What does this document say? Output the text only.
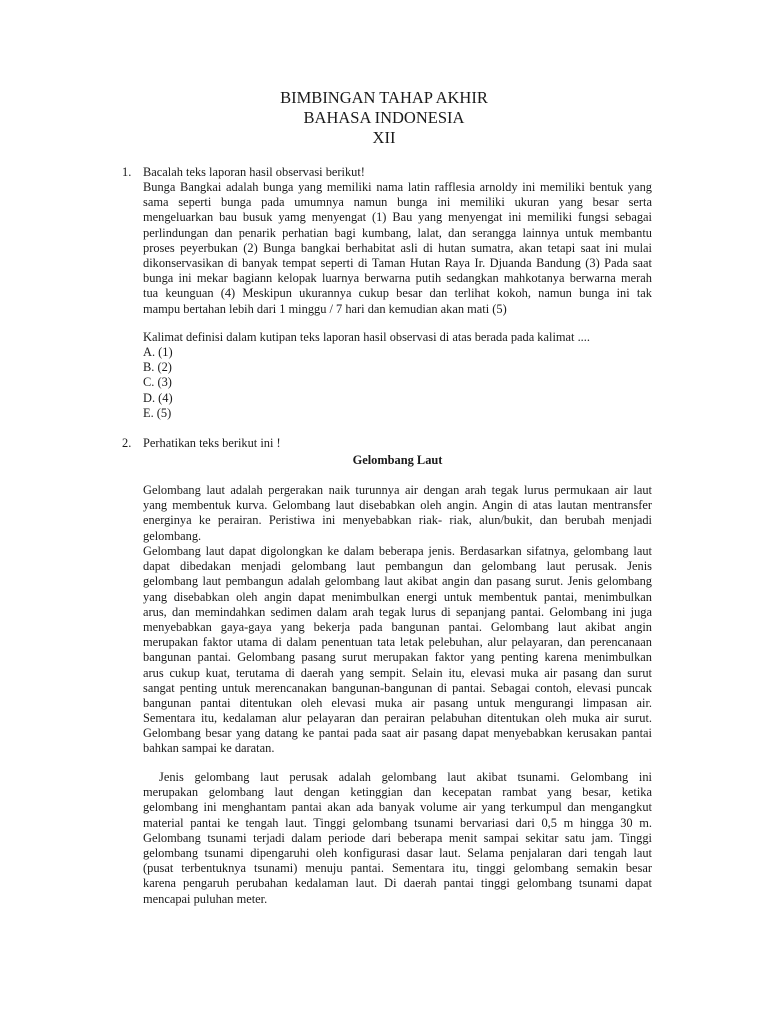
BIMBINGAN TAHAP AKHIR
BAHASA INDONESIA
XII
1. Bacalah teks laporan hasil observasi berikut!
Bunga Bangkai adalah bunga yang memiliki nama latin rafflesia arnoldy ini memiliki bentuk yang
sama seperti bunga pada umumnya namun bunga ini memiliki ukuran yang besar serta
mengeluarkan bau busuk yamg menyengat (1) Bau yang menyengat ini memiliki fungsi sebagai
perlindungan dan penarik perhatian bagi kumbang, lalat, dan serangga lainnya untuk membantu
proses peyerbukan (2) Bunga bangkai berhabitat asli di hutan sumatra, akan tetapi saat ini mulai
dikonservasikan di banyak tempat seperti di Taman Hutan Raya Ir. Djuanda Bandung (3) Pada saat
bunga ini mekar bagiann kelopak luarnya berwarna putih sedangkan mahkotanya berwarna merah
tua keunguan (4) Meskipun ukurannya cukup besar dan terlihat kokoh, namun bunga ini tak
mampu bertahan lebih dari 1 minggu / 7 hari dan kemudian akan mati (5)
Kalimat definisi dalam kutipan teks laporan hasil observasi di atas berada pada kalimat ....
A. (1)
B. (2)
C. (3)
D. (4)
E. (5)
2. Perhatikan teks berikut ini !
Gelombang Laut
Gelombang laut adalah pergerakan naik turunnya air dengan arah tegak lurus permukaan air laut
yang membentuk kurva. Gelombang laut disebabkan oleh angin. Angin di atas lautan mentransfer
energinya ke perairan. Peristiwa ini menyebabkan riak- riak, alun/bukit, dan berubah menjadi
gelombang.
Gelombang laut dapat digolongkan ke dalam beberapa jenis. Berdasarkan sifatnya, gelombang laut
dapat dibedakan menjadi gelombang laut pembangun dan gelombang laut perusak. Jenis
gelombang laut pembangun adalah gelombang laut akibat angin dan pasang surut. Jenis gelombang
yang disebabkan oleh angin dapat menimbulkan energi untuk membentuk pantai, menimbulkan
arus, dan memindahkan sedimen dalam arah tegak lurus di sepanjang pantai. Gelombang ini juga
menyebabkan gaya-gaya yang bekerja pada bangunan pantai. Gelombang laut akibat angin
merupakan faktor utama di dalam penentuan tata letak pelebuhan, alur pelayaran, dan perencanaan
bangunan pantai. Gelombang pasang surut merupakan faktor yang penting karena menimbulkan
arus cukup kuat, terutama di daerah yang sempit. Selain itu, elevasi muka air pasang dan surut
sangat penting untuk merencanakan bangunan-bangunan di pantai. Sebagai contoh, elevasi puncak
bangunan pantai ditentukan oleh elevasi muka air pasang untuk mengurangi limpasan air.
Sementara itu, kedalaman alur pelayaran dan perairan pelabuhan ditentukan oleh muka air surut.
Gelombang besar yang datang ke pantai pada saat air pasang dapat menyebabkan kerusakan pantai
bahkan sampai ke daratan.
Jenis gelombang laut perusak adalah gelombang laut akibat tsunami. Gelombang ini
merupakan gelombang laut dengan ketinggian dan kecepatan rambat yang besar, ketika
gelombang ini menghantam pantai akan ada banyak volume air yang terkumpul dan mengangkut
material pantai ke tengah laut. Tinggi gelombang tsunami bervariasi dari 0,5 m hingga 30 m.
Gelombang tsunami terjadi dalam periode dari beberapa menit sampai sekitar satu jam. Tinggi
gelombang tsunami dipengaruhi oleh konfigurasi dasar laut. Selama penjalaran dari tengah laut
(pusat terbentuknya tsunami) menuju pantai. Sementara itu, tinggi gelombang semakin besar
karena pengaruh perubahan kedalaman laut. Di daerah pantai tinggi gelombang tsunami dapat
mencapai puluhan meter.
